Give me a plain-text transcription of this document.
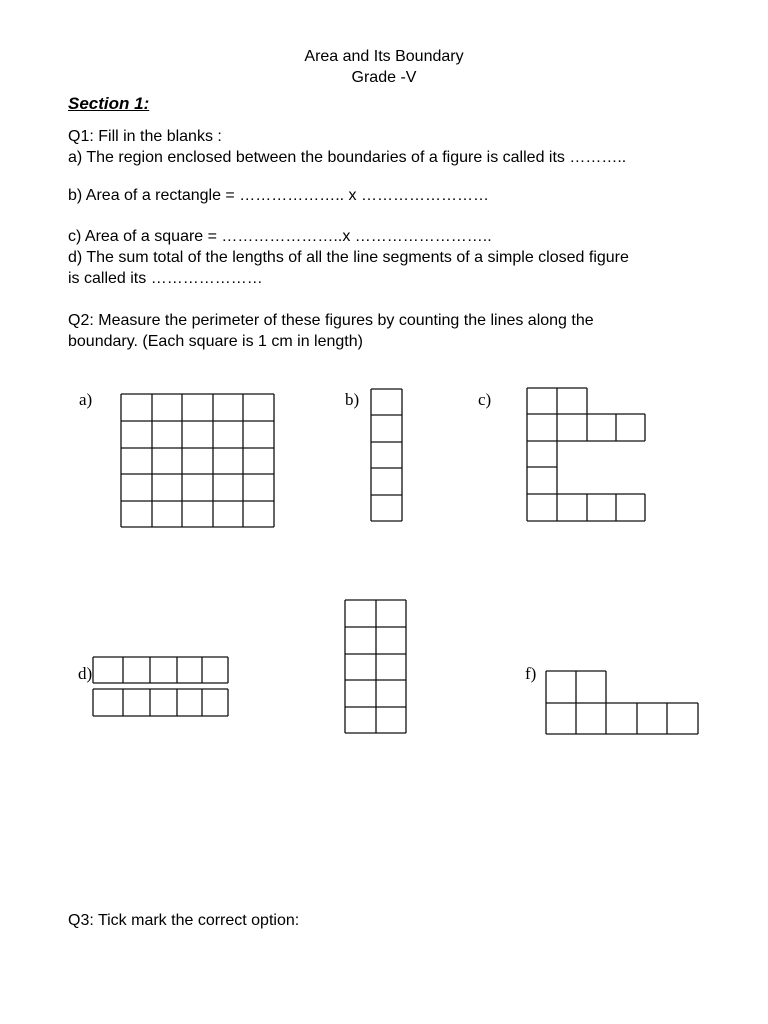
Area and Its Boundary
Grade -V
Section 1:
Q1: Fill in the blanks :
a) The region enclosed between the boundaries of a figure is called its ………..
b) Area of a rectangle = ……………….. x ……………………
c) Area of a square = …………………..x ……………………..
d) The sum total of the lengths of all the line segments of a simple closed figure
is called its …………………
Q2: Measure the perimeter of these figures by counting the lines along the
boundary. (Each square is 1 cm in length)
a)	b)	c)
d)	f)
Q3: Tick mark the correct option:
